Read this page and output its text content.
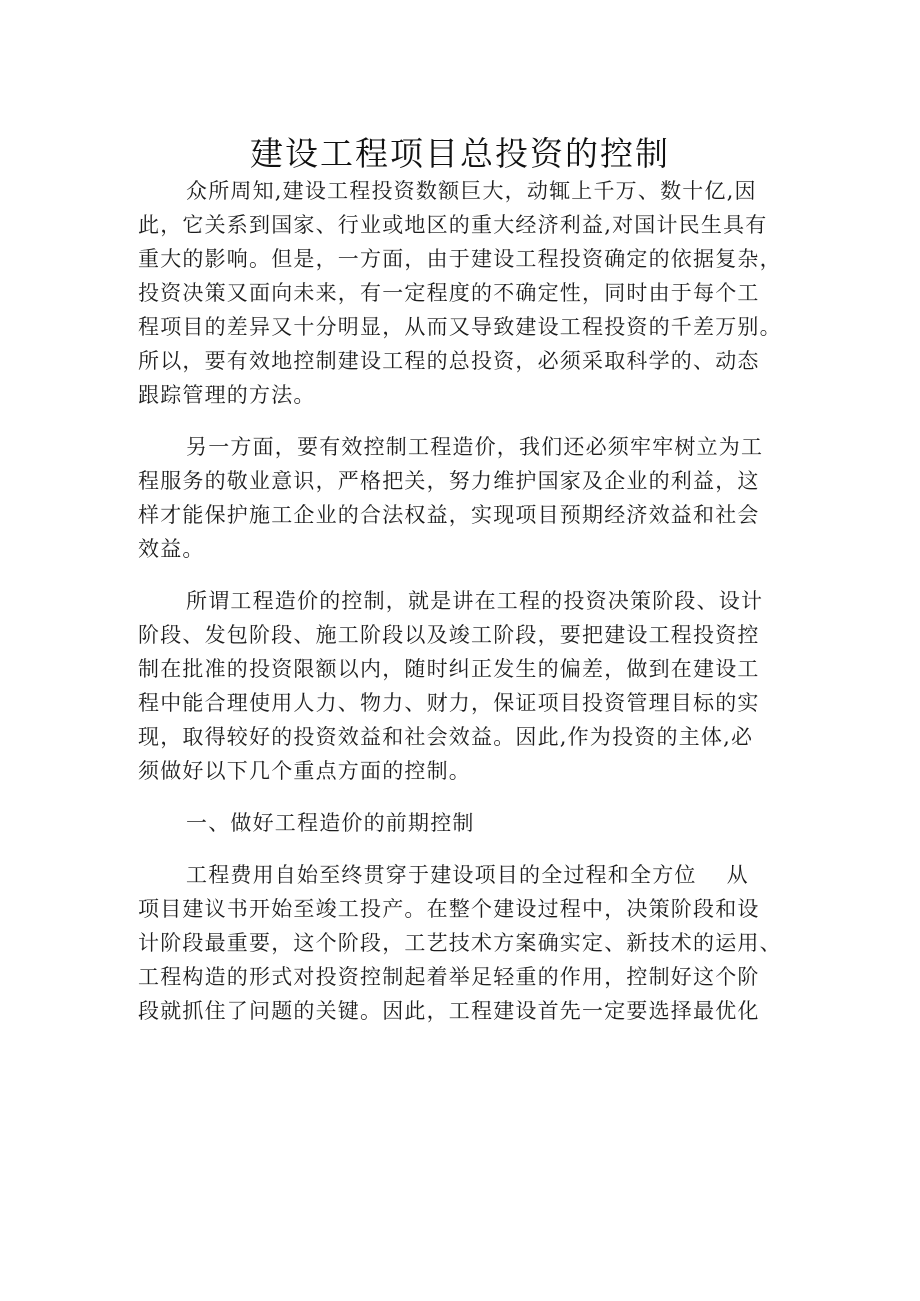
建设工程项目总投资的控制

众所周知,建设工程投资数额巨大，动辄上千万、数十亿,因
此，它关系到国家、行业或地区的重大经济利益,对国计民生具有
重大的影响。但是，一方面，由于建设工程投资确定的依据复杂，
投资决策又面向未来，有一定程度的不确定性，同时由于每个工
程项目的差异又十分明显，从而又导致建设工程投资的千差万别。
所以，要有效地控制建设工程的总投资，必须采取科学的、动态
跟踪管理的方法。

另一方面，要有效控制工程造价，我们还必须牢牢树立为工
程服务的敬业意识，严格把关，努力维护国家及企业的利益，这
样才能保护施工企业的合法权益，实现项目预期经济效益和社会
效益。

所谓工程造价的控制，就是讲在工程的投资决策阶段、设计
阶段、发包阶段、施工阶段以及竣工阶段，要把建设工程投资控
制在批准的投资限额以内，随时纠正发生的偏差，做到在建设工
程中能合理使用人力、物力、财力，保证项目投资管理目标的实
现，取得较好的投资效益和社会效益。因此,作为投资的主体,必
须做好以下几个重点方面的控制。

一、做好工程造价的前期控制

工程费用自始至终贯穿于建设项目的全过程和全方位　 从
项目建议书开始至竣工投产。在整个建设过程中，决策阶段和设
计阶段最重要，这个阶段，工艺技术方案确实定、新技术的运用、
工程构造的形式对投资控制起着举足轻重的作用，控制好这个阶
段就抓住了问题的关键。因此，工程建设首先一定要选择最优化
